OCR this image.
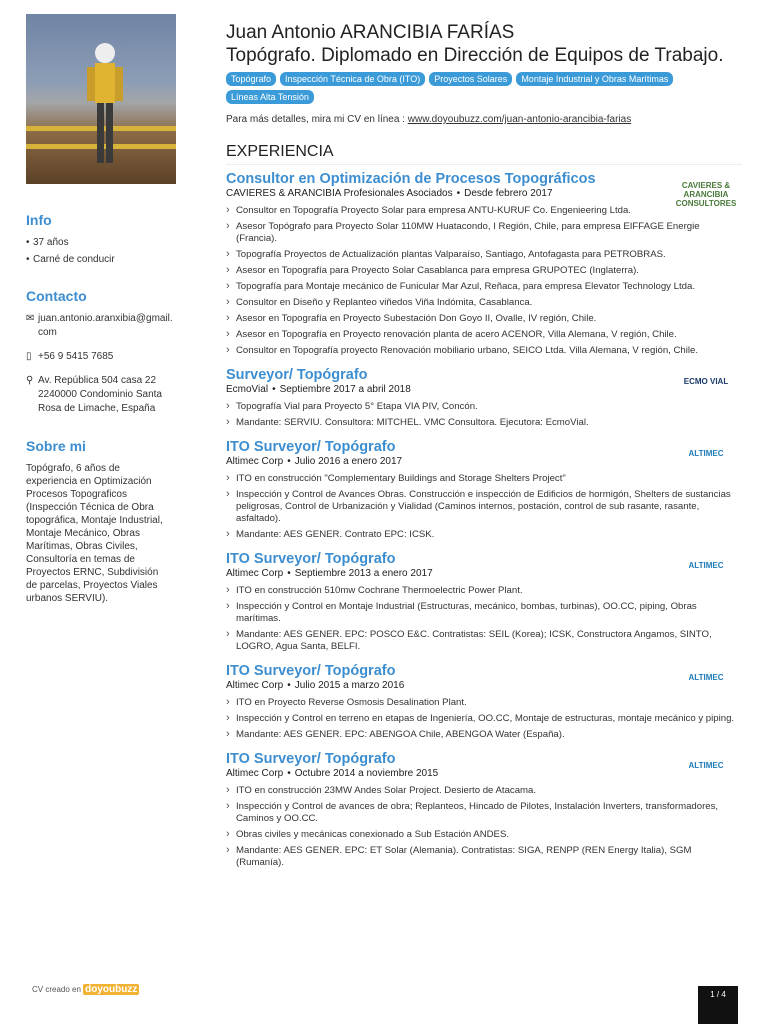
Info
• 37 años
• Carné de conducir
Contacto
✉ juan.antonio.aranxibia@gmail.com
▯ +56 9 5415 7685
⚲ Av. República 504 casa 22 2240000 Condominio Santa Rosa de Limache, España
Sobre mi
Topógrafo, 6 años de experiencia en Optimización Procesos Topograficos (Inspección Técnica de Obra topográfica, Montaje Industrial, Montaje Mecánico, Obras Marítimas, Obras Civiles, Consultoría en temas de Proyectos ERNC, Subdivisión de parcelas, Proyectos Viales urbanos SERVIU).
CV creado en doyoubuzz	1 / 4
Juan Antonio ARANCIBIA FARÍAS
Topógrafo. Diplomado en Dirección de Equipos de Trabajo.
Topógrafo	Inspección Técnica de Obra (ITO)	Proyectos Solares	Montaje Industrial y Obras Marítimas
Líneas Alta Tensión
Para más detalles, mira mi CV en línea : www.doyoubuzz.com/juan-antonio-arancibia-farias
EXPERIENCIA
CAVIERES & ARANCIBIA CONSULTORES
Consultor en Optimización de Procesos Topográficos
CAVIERES & ARANCIBIA Profesionales Asociados • Desde febrero 2017
› Consultor en Topografía Proyecto Solar para empresa ANTU-KURUF Co. Engenieering Ltda.
› Asesor Topógrafo para Proyecto Solar 110MW Huatacondo, I Región, Chile, para empresa EIFFAGE Energie (Francia).
› Topografía Proyectos de Actualización plantas Valparaíso, Santiago, Antofagasta para PETROBRAS.
› Asesor en Topografía para Proyecto Solar Casablanca para empresa GRUPOTEC (Inglaterra).
› Topografía para Montaje mecánico de Funicular Mar Azul, Reñaca, para empresa Elevator Technology Ltda.
› Consultor en Diseño y Replanteo viñedos Viña Indómita, Casablanca.
› Asesor en Topografía en Proyecto Subestación Don Goyo II, Ovalle, IV región, Chile.
› Asesor en Topografía en Proyecto renovación planta de acero ACENOR, Villa Alemana, V región, Chile.
› Consultor en Topografía proyecto Renovación mobiliario urbano, SEICO Ltda. Villa Alemana, V región, Chile.
ECMO VIAL
Surveyor/ Topógrafo
EcmoVial • Septiembre 2017 a abril 2018
› Topografía Vial para Proyecto 5° Etapa VIA PIV, Concón.
› Mandante: SERVIU. Consultora: MITCHEL. VMC Consultora. Ejecutora: EcmoVial.
ALTIMEC
ITO Surveyor/ Topógrafo
Altimec Corp • Julio 2016 a enero 2017
› ITO en construcción "Complementary Buildings and Storage Shelters Project"
› Inspección y Control de Avances Obras. Construcción e inspección de Edificios de hormigón, Shelters de sustancias peligrosas, Control de Urbanización y Vialidad (Caminos internos, postación, control de sub rasante, rasante, asfaltado).
› Mandante: AES GENER. Contrato EPC: ICSK.
ALTIMEC
ITO Surveyor/ Topógrafo
Altimec Corp • Septiembre 2013 a enero 2017
› ITO en construcción 510mw Cochrane Thermoelectric Power Plant.
› Inspección y Control en Montaje Industrial (Estructuras, mecánico, bombas, turbinas), OO.CC, piping, Obras marítimas.
› Mandante: AES GENER. EPC: POSCO E&C. Contratistas: SEIL (Korea); ICSK, Constructora Angamos, SINTO, LOGRO, Agua Santa, BELFI.
ALTIMEC
ITO Surveyor/ Topógrafo
Altimec Corp • Julio 2015 a marzo 2016
› ITO en Proyecto Reverse Osmosis Desalination Plant.
› Inspección y Control en terreno en etapas de Ingeniería, OO.CC, Montaje de estructuras, montaje mecánico y piping.
› Mandante: AES GENER. EPC: ABENGOA Chile, ABENGOA Water (España).
ALTIMEC
ITO Surveyor/ Topógrafo
Altimec Corp • Octubre 2014 a noviembre 2015
› ITO en construcción 23MW Andes Solar Project. Desierto de Atacama.
› Inspección y Control de avances de obra; Replanteos, Hincado de Pilotes, Instalación Inverters, transformadores, Caminos y OO.CC.
› Obras civiles y mecánicas conexionado a Sub Estación ANDES.
› Mandante: AES GENER. EPC: ET Solar (Alemania). Contratistas: SIGA, RENPP (REN Energy Italia), SGM (Rumanía).
